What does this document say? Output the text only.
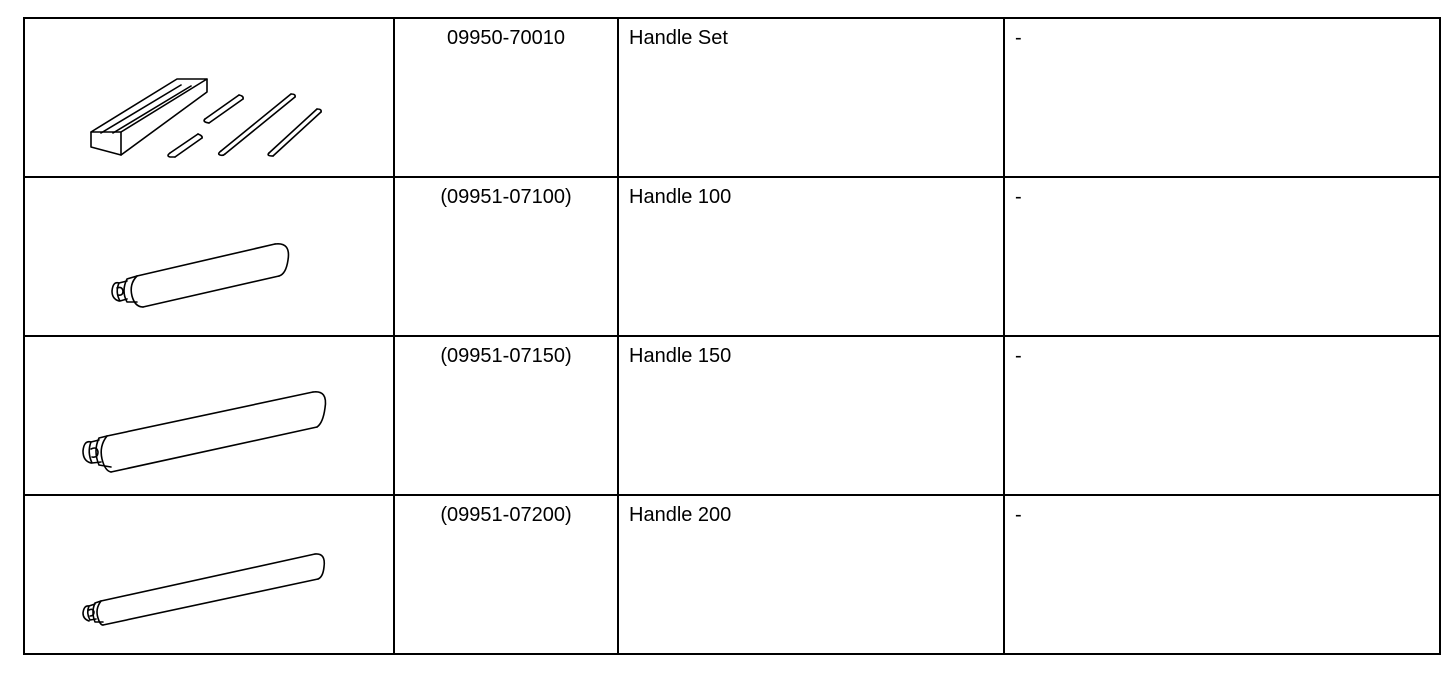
09950-70010	Handle Set	-

(09951-07100)	Handle 100	-

(09951-07150)	Handle 150	-

(09951-07200)	Handle 200	-
